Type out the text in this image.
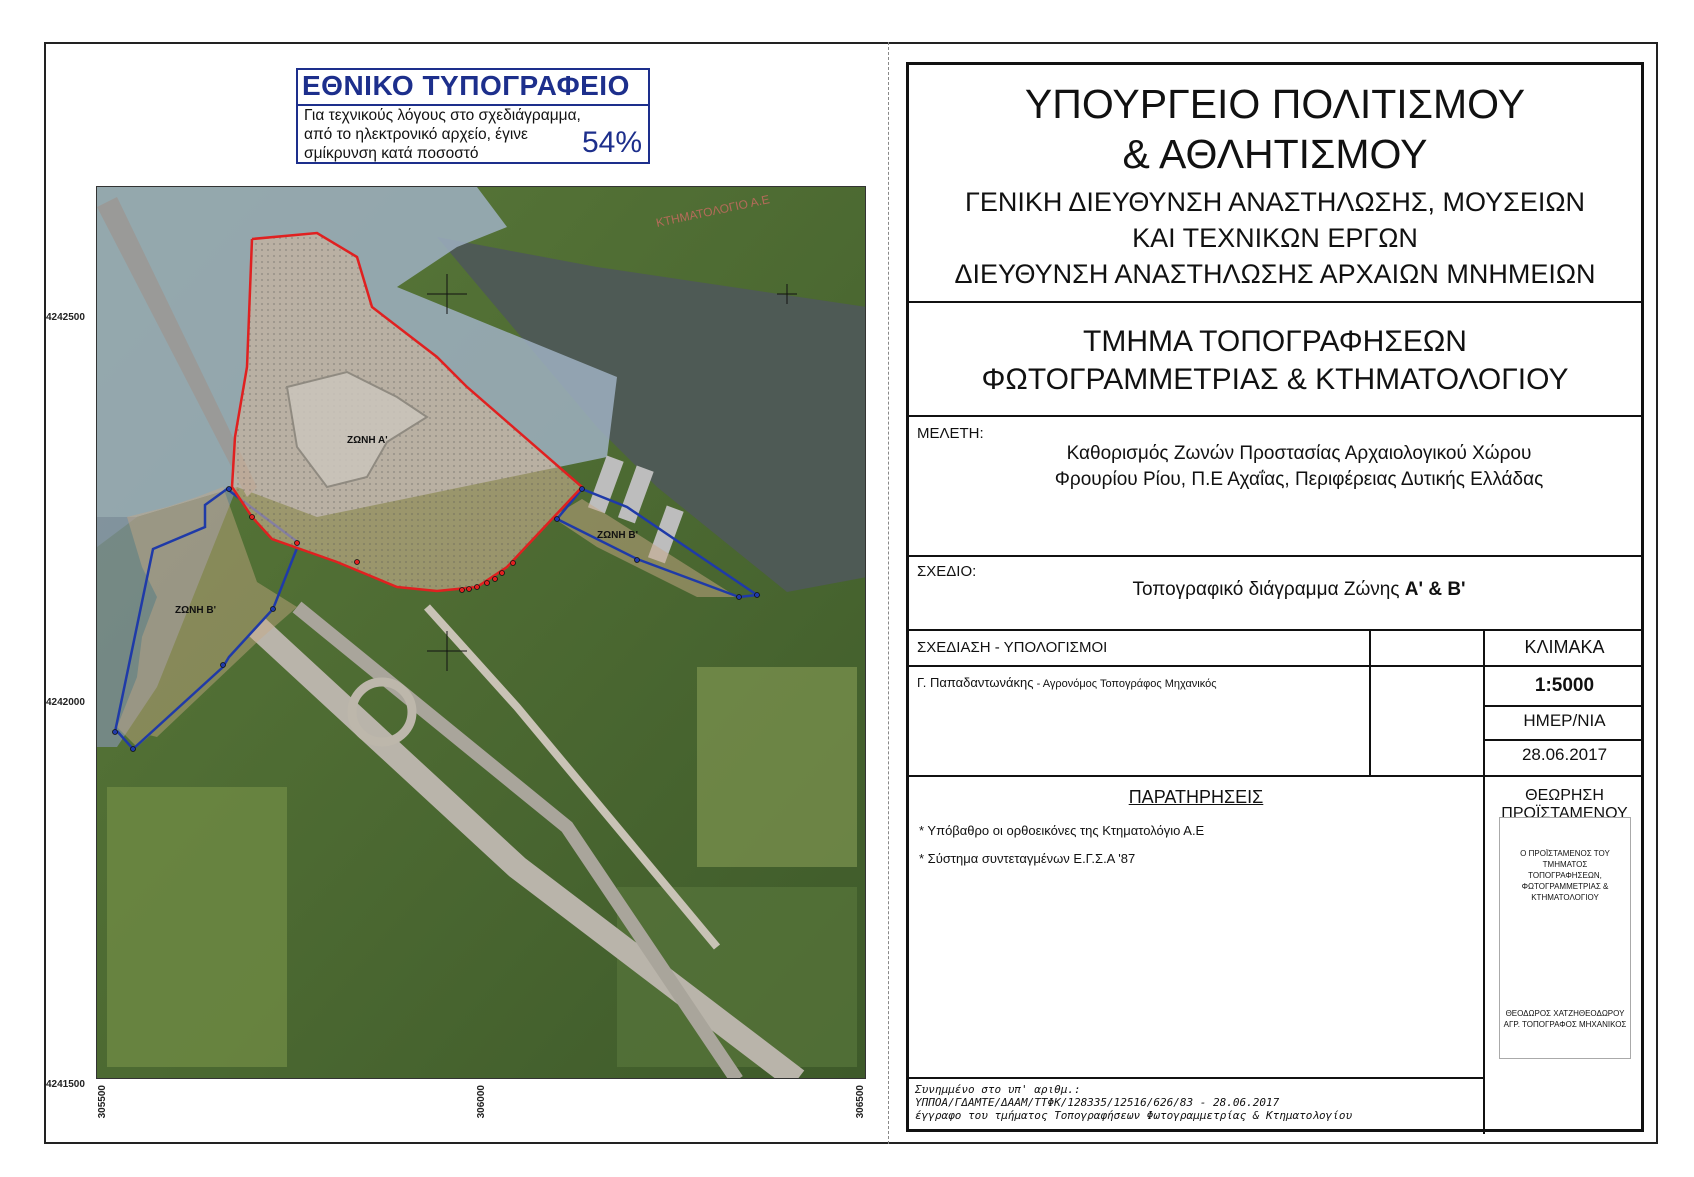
ΕΘΝΙΚΟ ΤΥΠΟΓΡΑΦΕΙΟ
Για τεχνικούς λόγους στο σχεδιάγραμμα,
από το ηλεκτρονικό αρχείο, έγινε
σμίκρυνση κατά ποσοστό	54%
ΖΩΝΗ Α'
ΖΩΝΗ Β'
ΖΩΝΗ Β'
ΚΤΗΜΑΤΟΛΟΓΙΟ Α.Ε
4242500
4242000
4241500
305500	306000	306500
ΥΠΟΥΡΓΕΙΟ ΠΟΛΙΤΙΣΜΟΥ
& ΑΘΛΗΤΙΣΜΟΥ
ΓΕΝΙΚΗ ΔΙΕΥΘΥΝΣΗ ΑΝΑΣΤΗΛΩΣΗΣ, ΜΟΥΣΕΙΩΝ
ΚΑΙ ΤΕΧΝΙΚΩΝ ΕΡΓΩΝ
ΔΙΕΥΘΥΝΣΗ ΑΝΑΣΤΗΛΩΣΗΣ ΑΡΧΑΙΩΝ ΜΝΗΜΕΙΩΝ
ΤΜΗΜΑ ΤΟΠΟΓΡΑΦΗΣΕΩΝ
ΦΩΤΟΓΡΑΜΜΕΤΡΙΑΣ & ΚΤΗΜΑΤΟΛΟΓΙΟΥ
ΜΕΛΕΤΗ:
Καθορισμός Ζωνών Προστασίας Αρχαιολογικού Χώρου
Φρουρίου Ρίου, Π.Ε Αχαΐας, Περιφέρειας Δυτικής Ελλάδας
ΣΧΕΔΙΟ:
Τοπογραφικό διάγραμμα Ζώνης Α' & Β'
ΣΧΕΔΙΑΣΗ - ΥΠΟΛΟΓΙΣΜΟΙ
Γ. Παπαδαντωνάκης - Αγρονόμος Τοπογράφος Μηχανικός
ΚΛΙΜΑΚΑ
1:5000
ΗΜΕΡ/ΝΙΑ
28.06.2017
ΠΑΡΑΤΗΡΗΣΕΙΣ
* Υπόβαθρο οι ορθοεικόνες της Κτηματολόγιο Α.Ε
* Σύστημα συντεταγμένων Ε.Γ.Σ.Α '87
ΘΕΩΡΗΣΗ ΠΡΟΪΣΤΑΜΕΝΟΥ
Ο ΠΡΟΪΣΤΑΜΕΝΟΣ ΤΟΥ ΤΜΗΜΑΤΟΣ
ΤΟΠΟΓΡΑΦΗΣΕΩΝ,
ΦΩΤΟΓΡΑΜΜΕΤΡΙΑΣ & ΚΤΗΜΑΤΟΛΟΓΙΟΥ
ΘΕΟΔΩΡΟΣ ΧΑΤΖΗΘΕΟΔΩΡΟΥ
ΑΓΡ. ΤΟΠΟΓΡΑΦΟΣ ΜΗΧΑΝΙΚΟΣ
Συνημμένο στο υπ' αριθμ.:
ΥΠΠΟΑ/ΓΔΑΜΤΕ/ΔΑΑΜ/ΤΤΦΚ/128335/12516/626/83 - 28.06.2017
έγγραφο του τμήματος Τοπογραφήσεων Φωτογραμμετρίας & Κτηματολογίου
